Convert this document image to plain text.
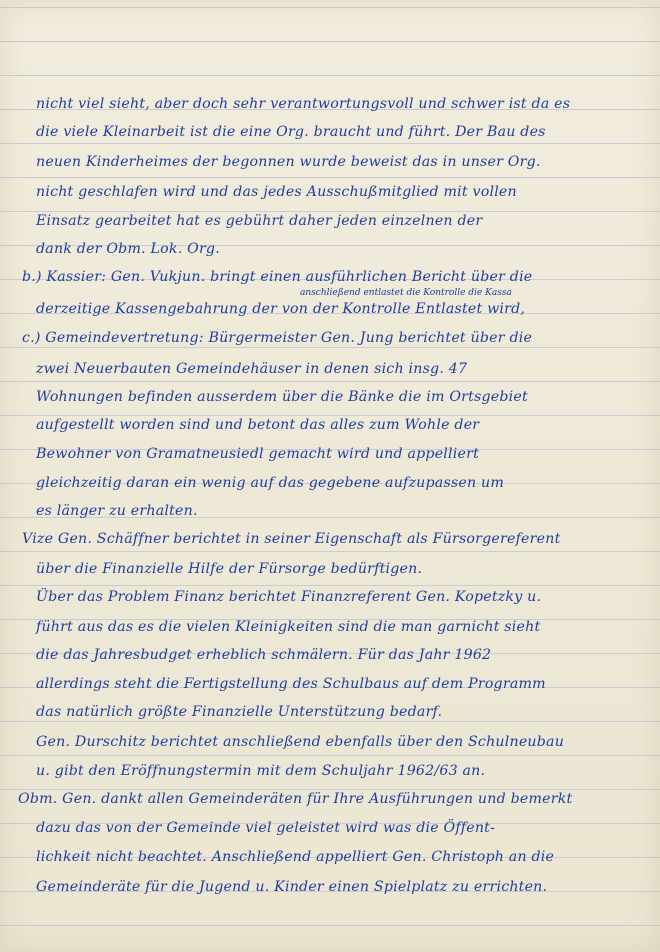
nicht viel sieht, aber doch sehr verantwortungsvoll und schwer ist da es
die viele Kleinarbeit ist die eine Org. braucht und führt. Der Bau des
neuen Kinderheimes der begonnen wurde beweist das in unser Org.
nicht geschlafen wird und das jedes Ausschußmitglied mit vollen
Einsatz gearbeitet hat es gebührt daher jeden einzelnen der
dank der Obm. Lok. Org.
anschließend entlastet die Kontrolle die Kassa
b.) Kassier: Gen. Vukjun. bringt einen ausführlichen Bericht über die
derzeitige Kassengebahrung der von der Kontrolle Entlastet wird,
c.) Gemeindevertretung: Bürgermeister Gen. Jung berichtet über die
zwei Neuerbauten Gemeindehäuser in denen sich insg. 47
Wohnungen befinden ausserdem über die Bänke die im Ortsgebiet
aufgestellt worden sind und betont das alles zum Wohle der
Bewohner von Gramatneusiedl gemacht wird und appelliert
gleichzeitig daran ein wenig auf das gegebene aufzupassen um
es länger zu erhalten.
Vize Gen. Schäffner berichtet in seiner Eigenschaft als Fürsorgereferent
über die Finanzielle Hilfe der Fürsorge bedürftigen.
Über das Problem Finanz berichtet Finanzreferent Gen. Kopetzky u.
führt aus das es die vielen Kleinigkeiten sind die man garnicht sieht
die das Jahresbudget erheblich schmälern. Für das Jahr 1962
allerdings steht die Fertigstellung des Schulbaus auf dem Programm
das natürlich größte Finanzielle Unterstützung bedarf.
Gen. Durschitz berichtet anschließend ebenfalls über den Schulneubau
u. gibt den Eröffnungstermin mit dem Schuljahr 1962/63 an.
Obm. Gen. dankt allen Gemeinderäten für Ihre Ausführungen und bemerkt
dazu das von der Gemeinde viel geleistet wird was die Öffent-
lichkeit nicht beachtet. Anschließend appelliert Gen. Christoph an die
Gemeinderäte für die Jugend u. Kinder einen Spielplatz zu errichten.
